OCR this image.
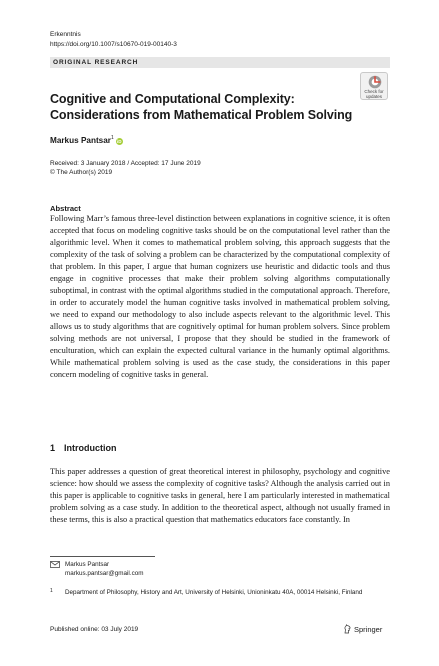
Erkenntnis
https://doi.org/10.1007/s10670-019-00140-3
ORIGINAL RESEARCH
Check for
updates
Cognitive and Computational Complexity: Considerations from Mathematical Problem Solving
Markus Pantsar$^1$iD
Received: 3 January 2018 / Accepted: 17 June 2019
© The Author(s) 2019
Abstract

Following Marr’s famous three-level distinction between explanations in cognitive science, it is often accepted that focus on modeling cognitive tasks should be on the computational level rather than the algorithmic level. When it comes to mathematical problem solving, this approach suggests that the complexity of the task of solving a problem can be characterized by the computational complexity of that problem. In this paper, I argue that human cognizers use heuristic and didactic tools and thus engage in cognitive processes that make their problem solving algorithms computationally suboptimal, in contrast with the optimal algorithms studied in the computational approach. Therefore, in order to accurately model the human cognitive tasks involved in mathematical problem solving, we need to expand our methodology to also include aspects relevant to the algorithmic level. This allows us to study algorithms that are cognitively optimal for human problem solvers. Since problem solving methods are not universal, I propose that they should be studied in the framework of enculturation, which can explain the expected cultural variance in the humanly optimal algorithms. While mathematical problem solving is used as the case study, the considerations in this paper concern modeling of cognitive tasks in general.

1 Introduction

This paper addresses a question of great theoretical interest in philosophy, psychology and cognitive science: how should we assess the complexity of cognitive tasks? Although the analysis carried out in this paper is applicable to cognitive tasks in general, here I am particularly interested in mathematical problem solving as a case study. In addition to the theoretical aspect, although not usually framed in these terms, this is also a practical question that mathematics educators face constantly. In

Markus Pantsar
markus.pantsar@gmail.com
1 Department of Philosophy, History and Art, University of Helsinki, Unioninkatu 40A, 00014 Helsinki, Finland
Published online: 03 July 2019	Springer
